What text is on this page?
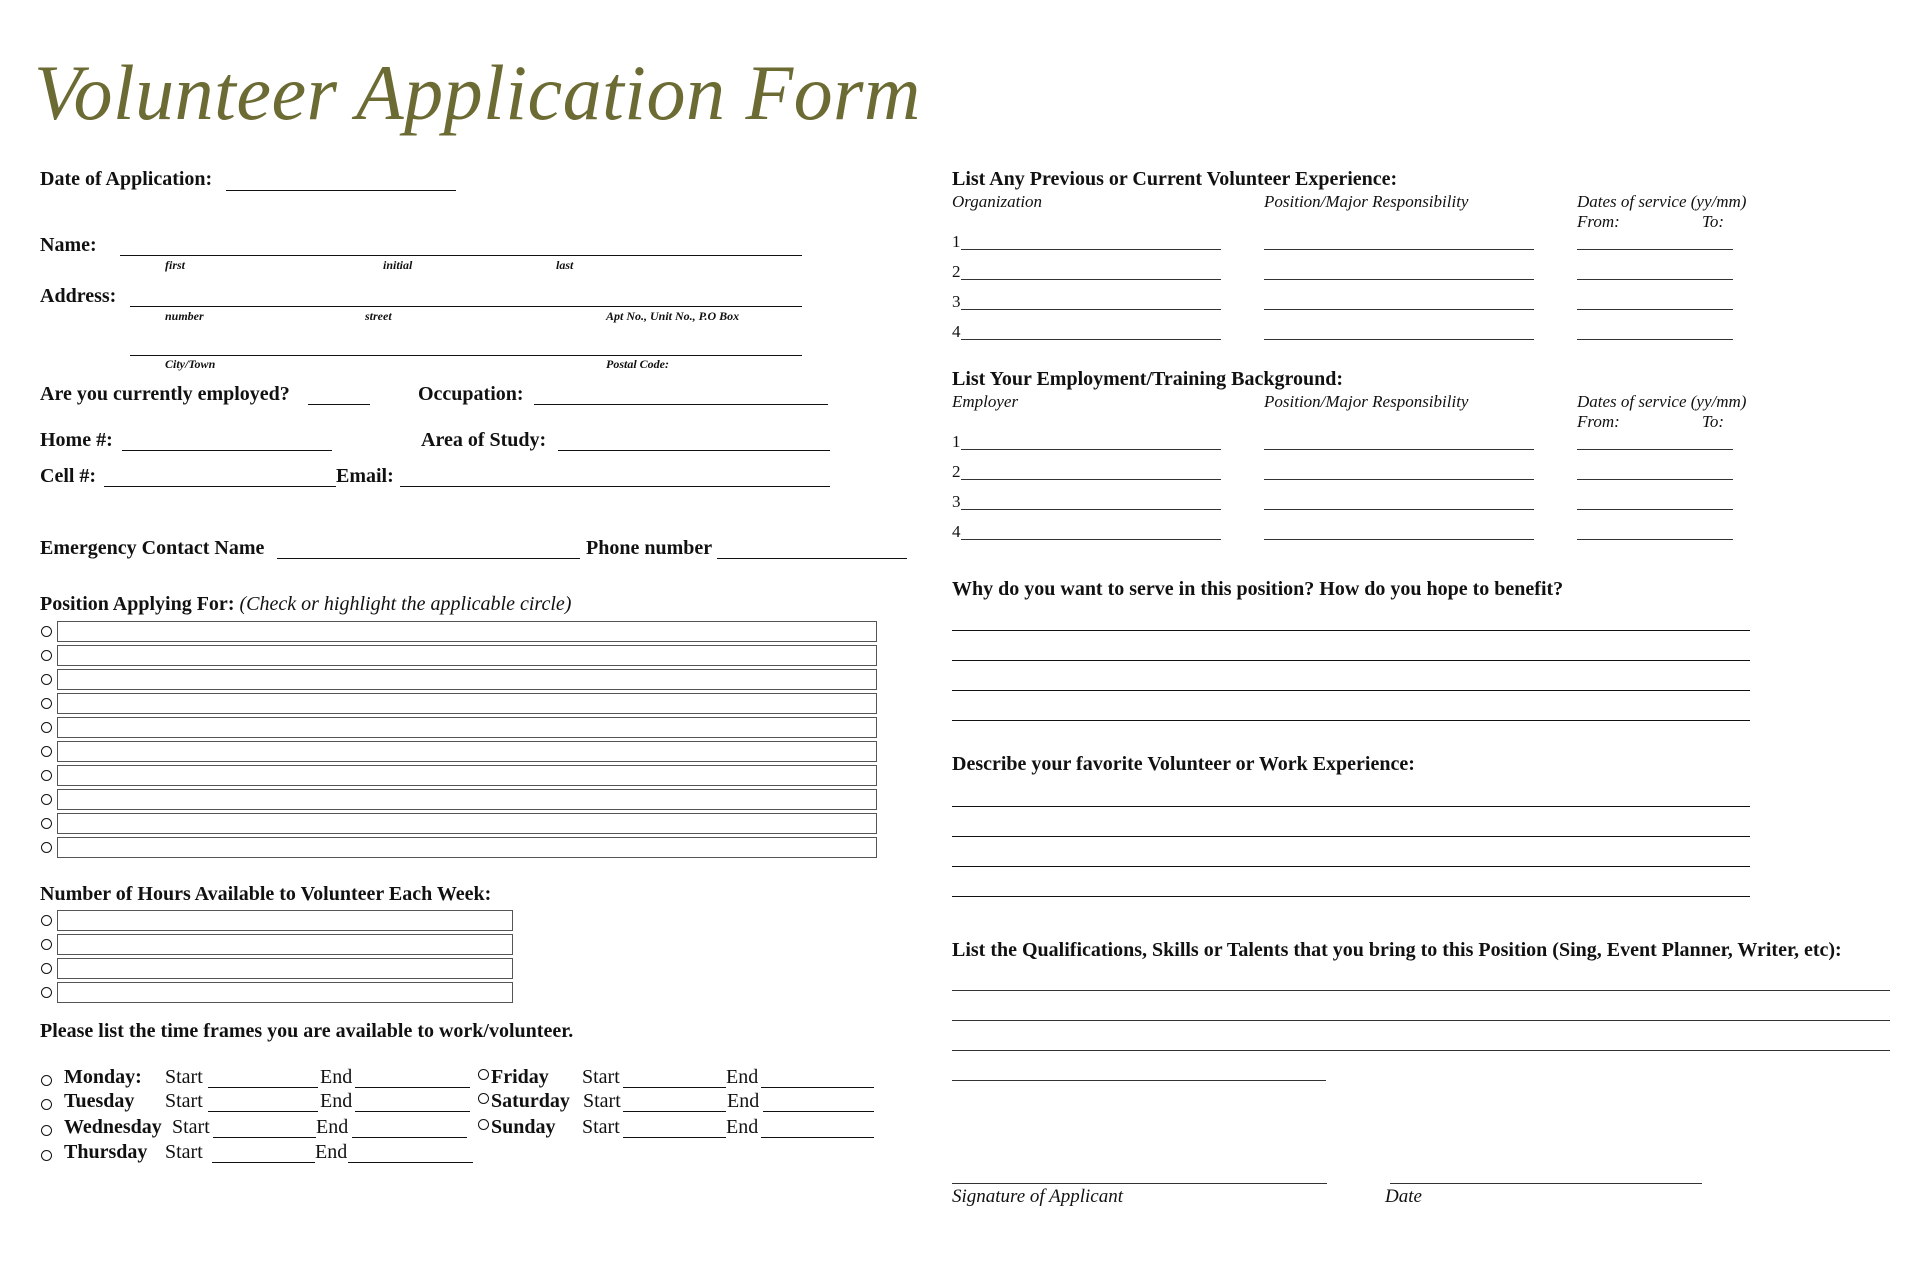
Volunteer Application Form
Date of Application:
Name:
first	initial	last
Address:
number	street	Apt No., Unit No., P.O Box
City/Town	Postal Code:
Are you currently employed?	Occupation:
Home #:	Area of Study:
Cell #:	Email:
Emergency Contact Name	Phone number
Position Applying For: (Check or highlight the applicable circle)
Number of Hours Available to Volunteer Each Week:
Please list the time frames you are available to work/volunteer.
Monday: Start	End
Tuesday Start	End
Wednesday Start	End
Thursday Start	End
Friday Start	End
Saturday Start	End
Sunday Start	End
List Any Previous or Current Volunteer Experience:
Organization	Position/Major Responsibility	Dates of service (yy/mm)
From:	To:
1
2
3
4
List Your Employment/Training Background:
Employer	Position/Major Responsibility	Dates of service (yy/mm)
From:	To:
1
2
3
4
Why do you want to serve in this position? How do you hope to benefit?
Describe your favorite Volunteer or Work Experience:
List the Qualifications, Skills or Talents that you bring to this Position (Sing, Event Planner, Writer, etc):
Signature of Applicant	Date
